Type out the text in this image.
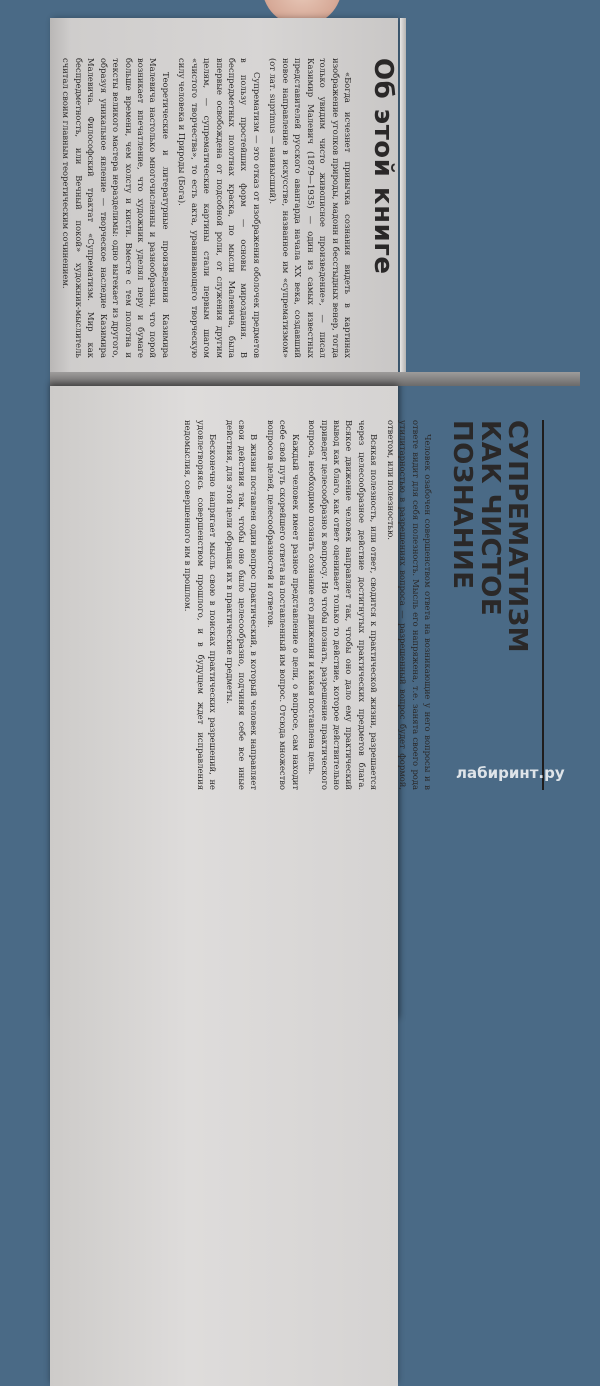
Об этой книге

«Богда исчезнет привычка сознания видеть в картинах изображение уголков природы, мадонн и бесстыдных венер, тогда только увидим чисто живописное произведение», — писал Казимир Малевич (1879—1935) — один из самых известных представителей русского авангарда начала XX века, создавший новое направление в искусстве, названное им «супрематизмом» (от лат. suprimus — наивысший).

Супрематизм — это отказ от изображения оболочек предметов в пользу простейших форм — основы мироздания. В беспредметных полотнах краска, по мысли Малевича, была впервые освобождена от подсобной роли, от служения другим целям, — супрематические картины стали первым шагом «чистого творчества», то есть акта, уравнивающего творческую силу человека и Природы (Бога).

Теоретические и литературные произведения Казимира Малевича настолько многочисленны и разнообразны, что порой возникает впечатление, что художник уделял перу и бумаге больше времени, чем холсту и кисти. Вместе с тем полотна и тексты великого мастера неразделимы: одно вытекает из другого, образуя уникальное явление — творческое наследие Казимира Малевича. Философский трактат «Супрематизм. Мир как беспредметность, или Вечный покой» художник-мыслитель считал своим главным теоретическим сочинением.

СУПРЕМАТИЗМ
КАК ЧИСТОЕ ПОЗНАНИЕ

Человек озабочен совершенством ответа на возникающие у него вопросы и в ответе видит для себя полезность. Мысль его напряжена, т.е. занята своего рода утилитарностью в разрешениях вопроса — разрешенный вопрос будет формой, ответом, или полезностью.

Всякая полезность, или ответ, сводится к практической жизни, разрешается через целесообразное действие достигнутых практических предметов блага. Всякое движение человек направляет так, чтобы оно дало ему практический вывод как благо, как ответ оценивает только то действие, которое действительно приведет целесообразно к вопросу. Но чтобы познать, разрешение практического вопроса, необходимо познать сознание его движения и какая поставлена цель.

Каждый человек имеет разное представление о цели, о вопросе, сам находит себе свой путь скорейшего ответа на поставленный им вопрос. Отсюда множество вопросов целей, целесообразностей и ответов.

В жизни поставлен один вопрос практический, в который человек направляет свои действия так, чтобы оно было целесообразно, подчиняя себе все иные действия, для этой цели обращая их в практические предметы.

Бесконечно напрягает мысль свою в поисках практических разрешений, не удовлетворяясь совершенством прошлого, и в будущем ждет исправления недомыслия, совершенного им в прошлом.

лабиринт.ру
